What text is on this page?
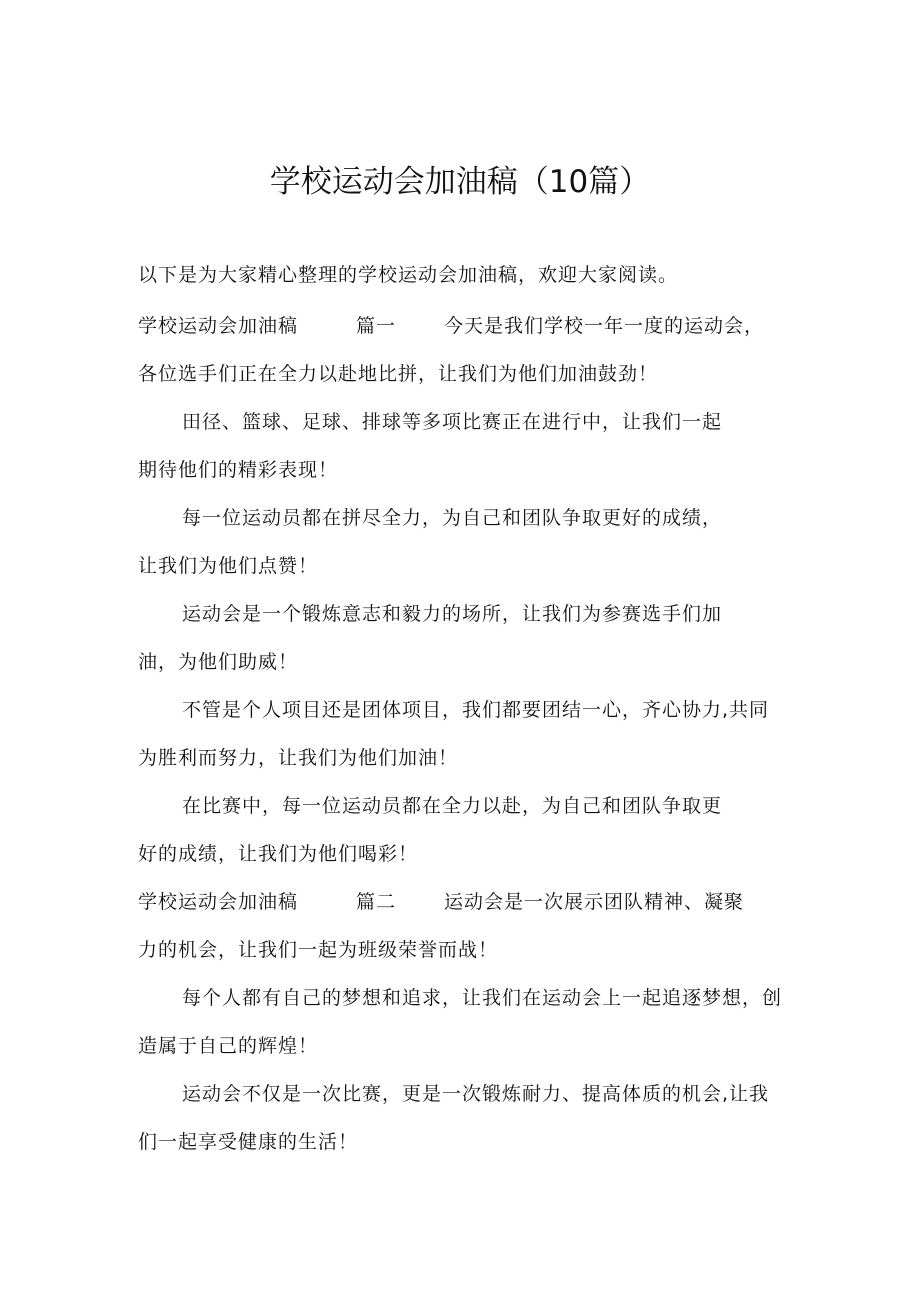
学校运动会加油稿（10篇）

以下是为大家精心整理的学校运动会加油稿，欢迎大家阅读。

学校运动会加油稿	篇一	今天是我们学校一年一度的运动会，

各位选手们正在全力以赴地比拼，让我们为他们加油鼓劲！

田径、篮球、足球、排球等多项比赛正在进行中，让我们一起

期待他们的精彩表现！

每一位运动员都在拼尽全力，为自己和团队争取更好的成绩，

让我们为他们点赞！

运动会是一个锻炼意志和毅力的场所，让我们为参赛选手们加

油，为他们助威！

不管是个人项目还是团体项目，我们都要团结一心，齐心协力,共同

为胜利而努力，让我们为他们加油！

在比赛中，每一位运动员都在全力以赴，为自己和团队争取更

好的成绩，让我们为他们喝彩！

学校运动会加油稿	篇二	运动会是一次展示团队精神、凝聚

力的机会，让我们一起为班级荣誉而战！

每个人都有自己的梦想和追求，让我们在运动会上一起追逐梦想，创

造属于自己的辉煌！

运动会不仅是一次比赛，更是一次锻炼耐力、提高体质的机会,让我

们一起享受健康的生活！
